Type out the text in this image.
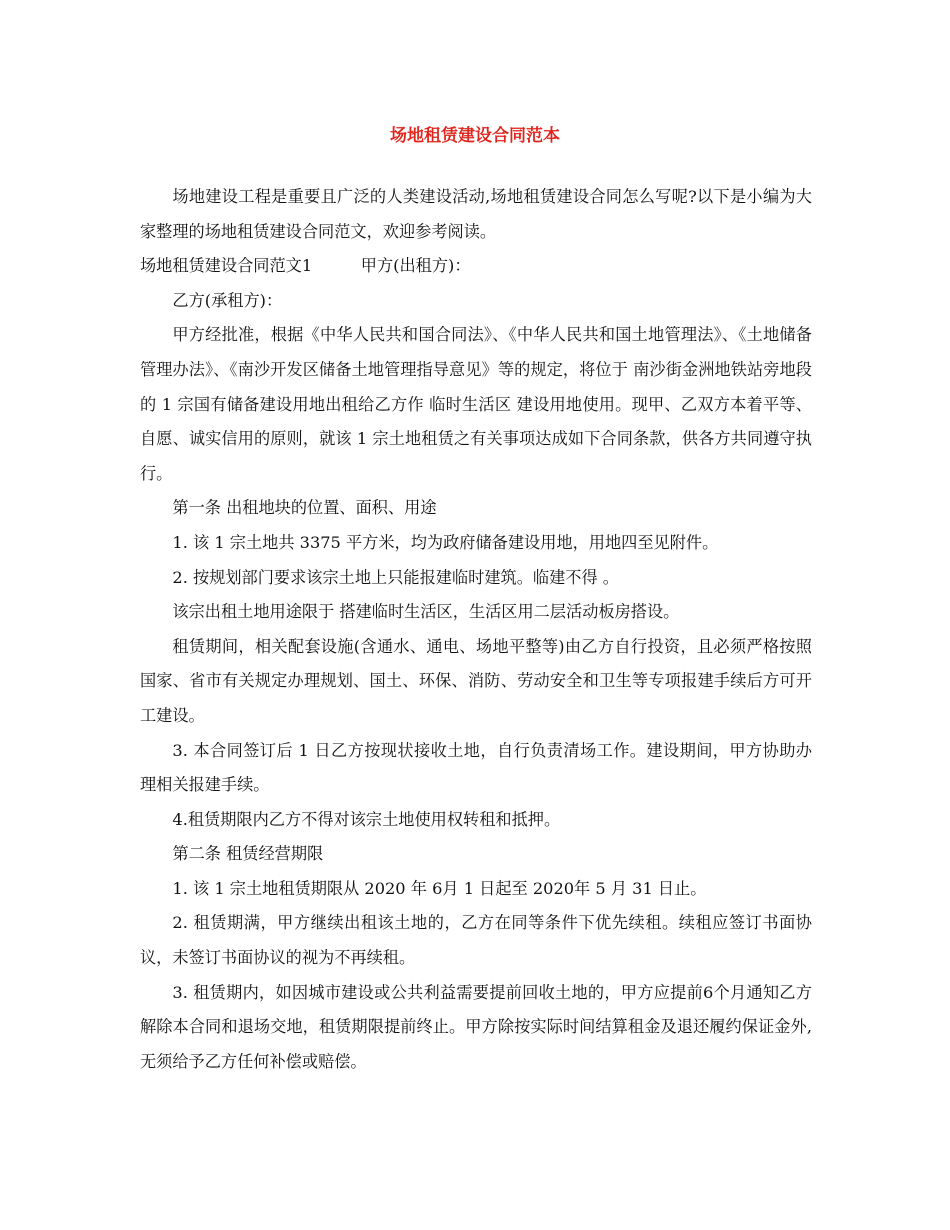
场地租赁建设合同范本

场地建设工程是重要且广泛的人类建设活动,场地租赁建设合同怎么写呢?以下是小编为大家整理的场地租赁建设合同范文，欢迎参考阅读。

场地租赁建设合同范文1	甲方(出租方)：

乙方(承租方)：

甲方经批准，根据《中华人民共和国合同法》、《中华人民共和国土地管理法》、《土地储备管理办法》、《南沙开发区储备土地管理指导意见》等的规定，将位于 南沙街金洲地铁站旁地段的 1 宗国有储备建设用地出租给乙方作 临时生活区 建设用地使用。现甲、乙双方本着平等、自愿、诚实信用的原则，就该 1 宗土地租赁之有关事项达成如下合同条款，供各方共同遵守执行。

第一条 出租地块的位置、面积、用途

1. 该 1 宗土地共 3375 平方米，均为政府储备建设用地，用地四至见附件。

2. 按规划部门要求该宗土地上只能报建临时建筑。临建不得 。

该宗出租土地用途限于 搭建临时生活区，生活区用二层活动板房搭设。

租赁期间，相关配套设施(含通水、通电、场地平整等)由乙方自行投资，且必须严格按照国家、省市有关规定办理规划、国土、环保、消防、劳动安全和卫生等专项报建手续后方可开工建设。

3. 本合同签订后 1 日乙方按现状接收土地，自行负责清场工作。建设期间，甲方协助办理相关报建手续。

4.租赁期限内乙方不得对该宗土地使用权转租和抵押。

第二条 租赁经营期限

1. 该 1 宗土地租赁期限从 2020 年 6月 1 日起至 2020年 5 月 31 日止。

2. 租赁期满，甲方继续出租该土地的，乙方在同等条件下优先续租。续租应签订书面协议，未签订书面协议的视为不再续租。

3. 租赁期内，如因城市建设或公共利益需要提前回收土地的，甲方应提前6个月通知乙方解除本合同和退场交地，租赁期限提前终止。甲方除按实际时间结算租金及退还履约保证金外,无须给予乙方任何补偿或赔偿。
